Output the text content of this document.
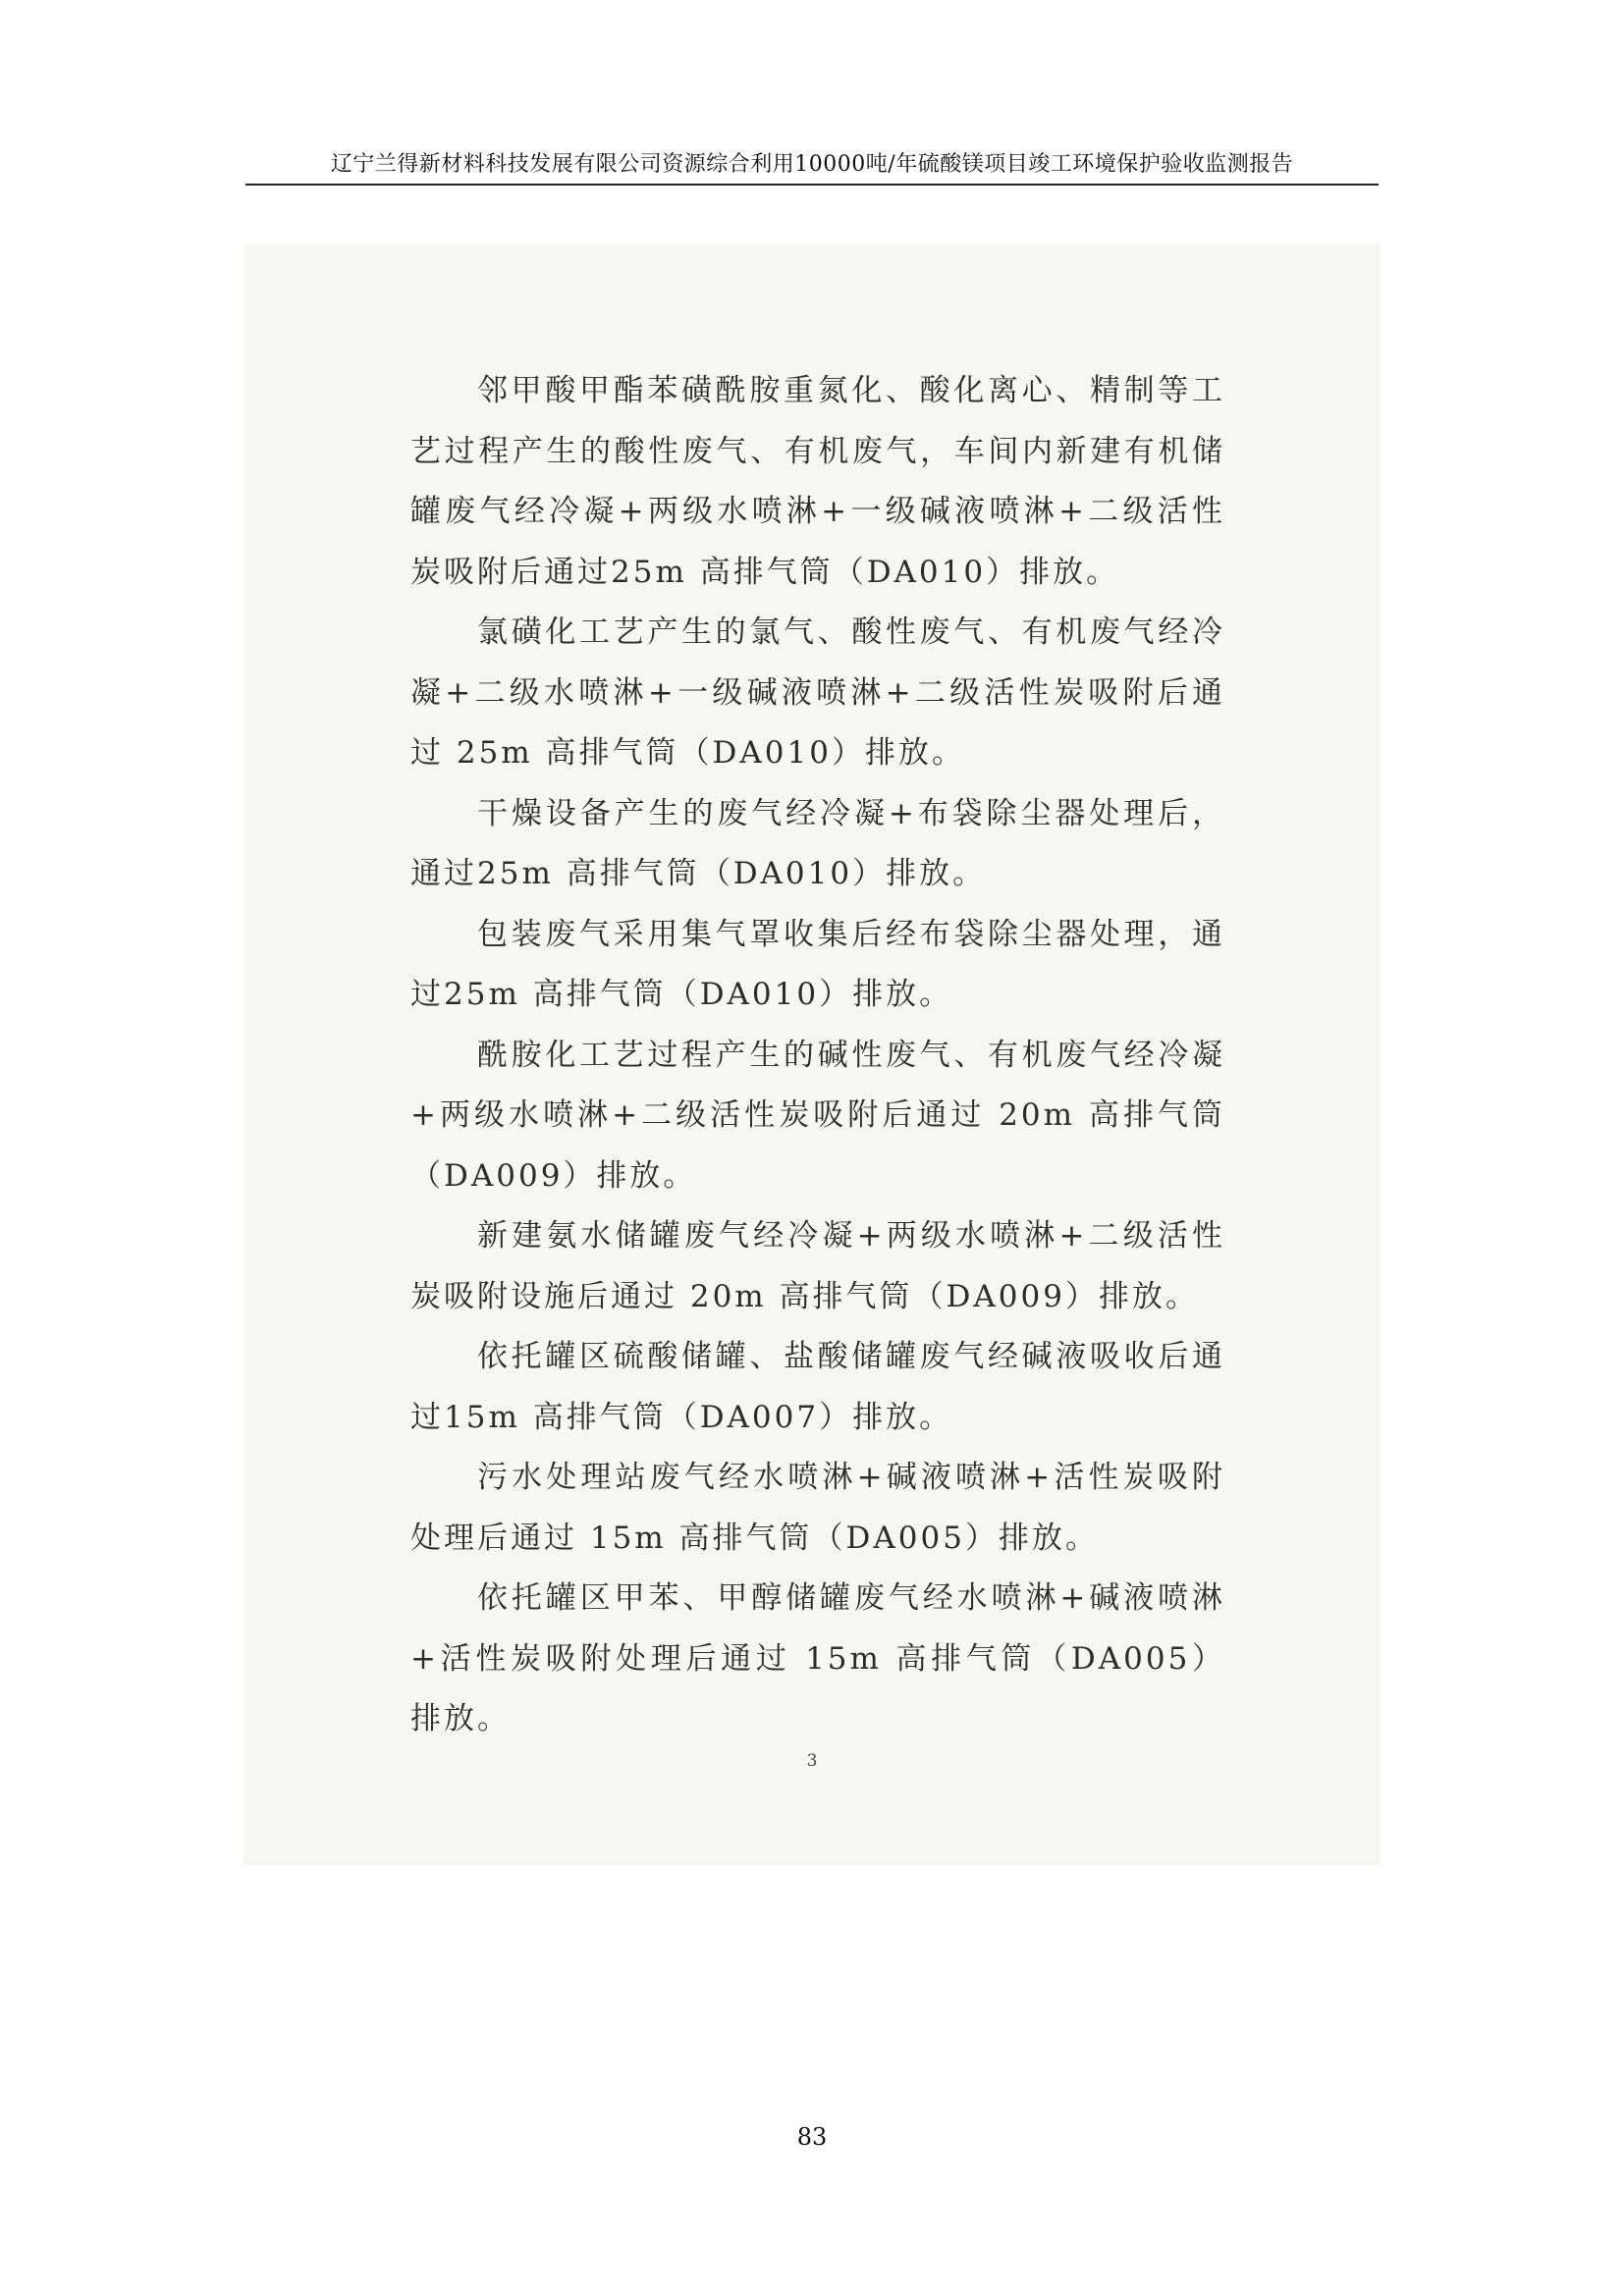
辽宁兰得新材料科技发展有限公司资源综合利用10000吨/年硫酸镁项目竣工环境保护验收监测报告

邻甲酸甲酯苯磺酰胺重氮化、酸化离心、精制等工艺过程产生的酸性废气、有机废气，车间内新建有机储罐废气经冷凝+两级水喷淋+一级碱液喷淋+二级活性炭吸附后通过25m 高排气筒（DA010）排放。

氯磺化工艺产生的氯气、酸性废气、有机废气经冷凝+二级水喷淋+一级碱液喷淋+二级活性炭吸附后通过 25m 高排气筒（DA010）排放。

干燥设备产生的废气经冷凝+布袋除尘器处理后，通过25m 高排气筒（DA010）排放。

包装废气采用集气罩收集后经布袋除尘器处理，通过25m 高排气筒（DA010）排放。

酰胺化工艺过程产生的碱性废气、有机废气经冷凝+两级水喷淋+二级活性炭吸附后通过 20m 高排气筒（DA009）排放。

新建氨水储罐废气经冷凝+两级水喷淋+二级活性炭吸附设施后通过 20m 高排气筒（DA009）排放。

依托罐区硫酸储罐、盐酸储罐废气经碱液吸收后通过15m 高排气筒（DA007）排放。

污水处理站废气经水喷淋+碱液喷淋+活性炭吸附处理后通过 15m 高排气筒（DA005）排放。

依托罐区甲苯、甲醇储罐废气经水喷淋+碱液喷淋+活性炭吸附处理后通过 15m 高排气筒（DA005）排放。

3
83
